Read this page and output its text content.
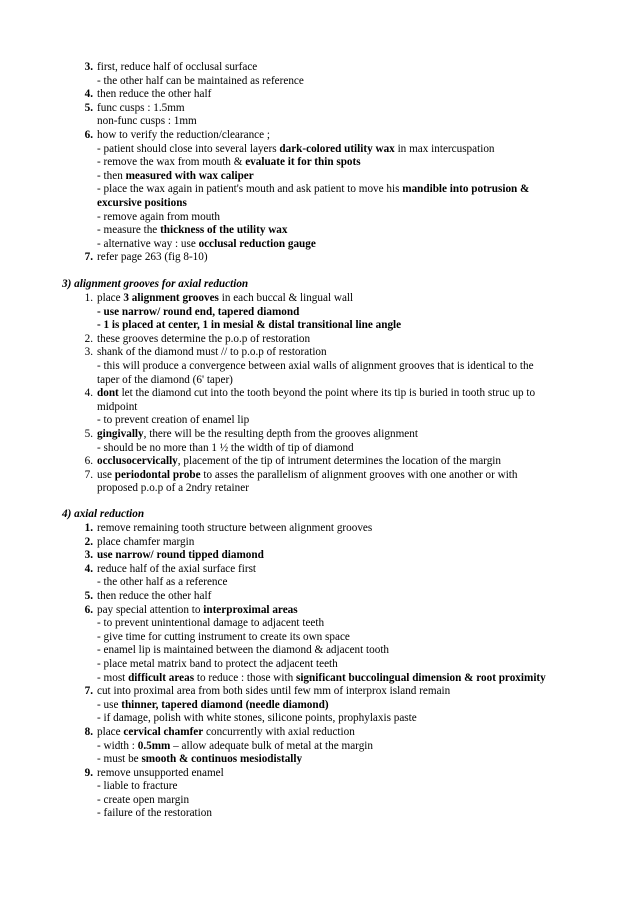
3. first, reduce half of occlusal surface
- the other half can be maintained as reference
4. then reduce the other half
5. func cusps : 1.5mm
non-func cusps : 1mm
6. how to verify the reduction/clearance ;
- patient should close into several layers dark-colored utility wax in max intercuspation
- remove the wax from mouth & evaluate it for thin spots
- then measured with wax caliper
- place the wax again in patient's mouth and ask patient to move his mandible into potrusion &
excursive positions
- remove again from mouth
- measure the thickness of the utility wax
- alternative way : use occlusal reduction gauge
7. refer page 263 (fig 8-10)
3) alignment grooves for axial reduction
1. place 3 alignment grooves in each buccal & lingual wall
- use narrow/ round end, tapered diamond
- 1 is placed at center, 1 in mesial & distal transitional line angle
2. these grooves determine the p.o.p of restoration
3. shank of the diamond must // to p.o.p of restoration
- this will produce a convergence between axial walls of alignment grooves that is identical to the
taper of the diamond (6' taper)
4. dont let the diamond cut into the tooth beyond the point where its tip is buried in tooth struc up to
midpoint
- to prevent creation of enamel lip
5. gingivally, there will be the resulting depth from the grooves alignment
- should be no more than 1 ½ the width of tip of diamond
6. occlusocervically, placement of the tip of intrument determines the location of the margin
7. use periodontal probe to asses the parallelism of alignment grooves with one another or with
proposed p.o.p of a 2ndry retainer
4) axial reduction
1. remove remaining tooth structure between alignment grooves
2. place chamfer margin
3. use narrow/ round tipped diamond
4. reduce half of the axial surface first
- the other half as a reference
5. then reduce the other half
6. pay special attention to interproximal areas
- to prevent unintentional damage to adjacent teeth
- give time for cutting instrument to create its own space
- enamel lip is maintained between the diamond & adjacent tooth
- place metal matrix band to protect the adjacent teeth
- most difficult areas to reduce : those with significant buccolingual dimension & root proximity
7. cut into proximal area from both sides until few mm of interprox island remain
- use thinner, tapered diamond (needle diamond)
- if damage, polish with white stones, silicone points, prophylaxis paste
8. place cervical chamfer concurrently with axial reduction
- width : 0.5mm – allow adequate bulk of metal at the margin
- must be smooth & continuos mesiodistally
9. remove unsupported enamel
- liable to fracture
- create open margin
- failure of the restoration
